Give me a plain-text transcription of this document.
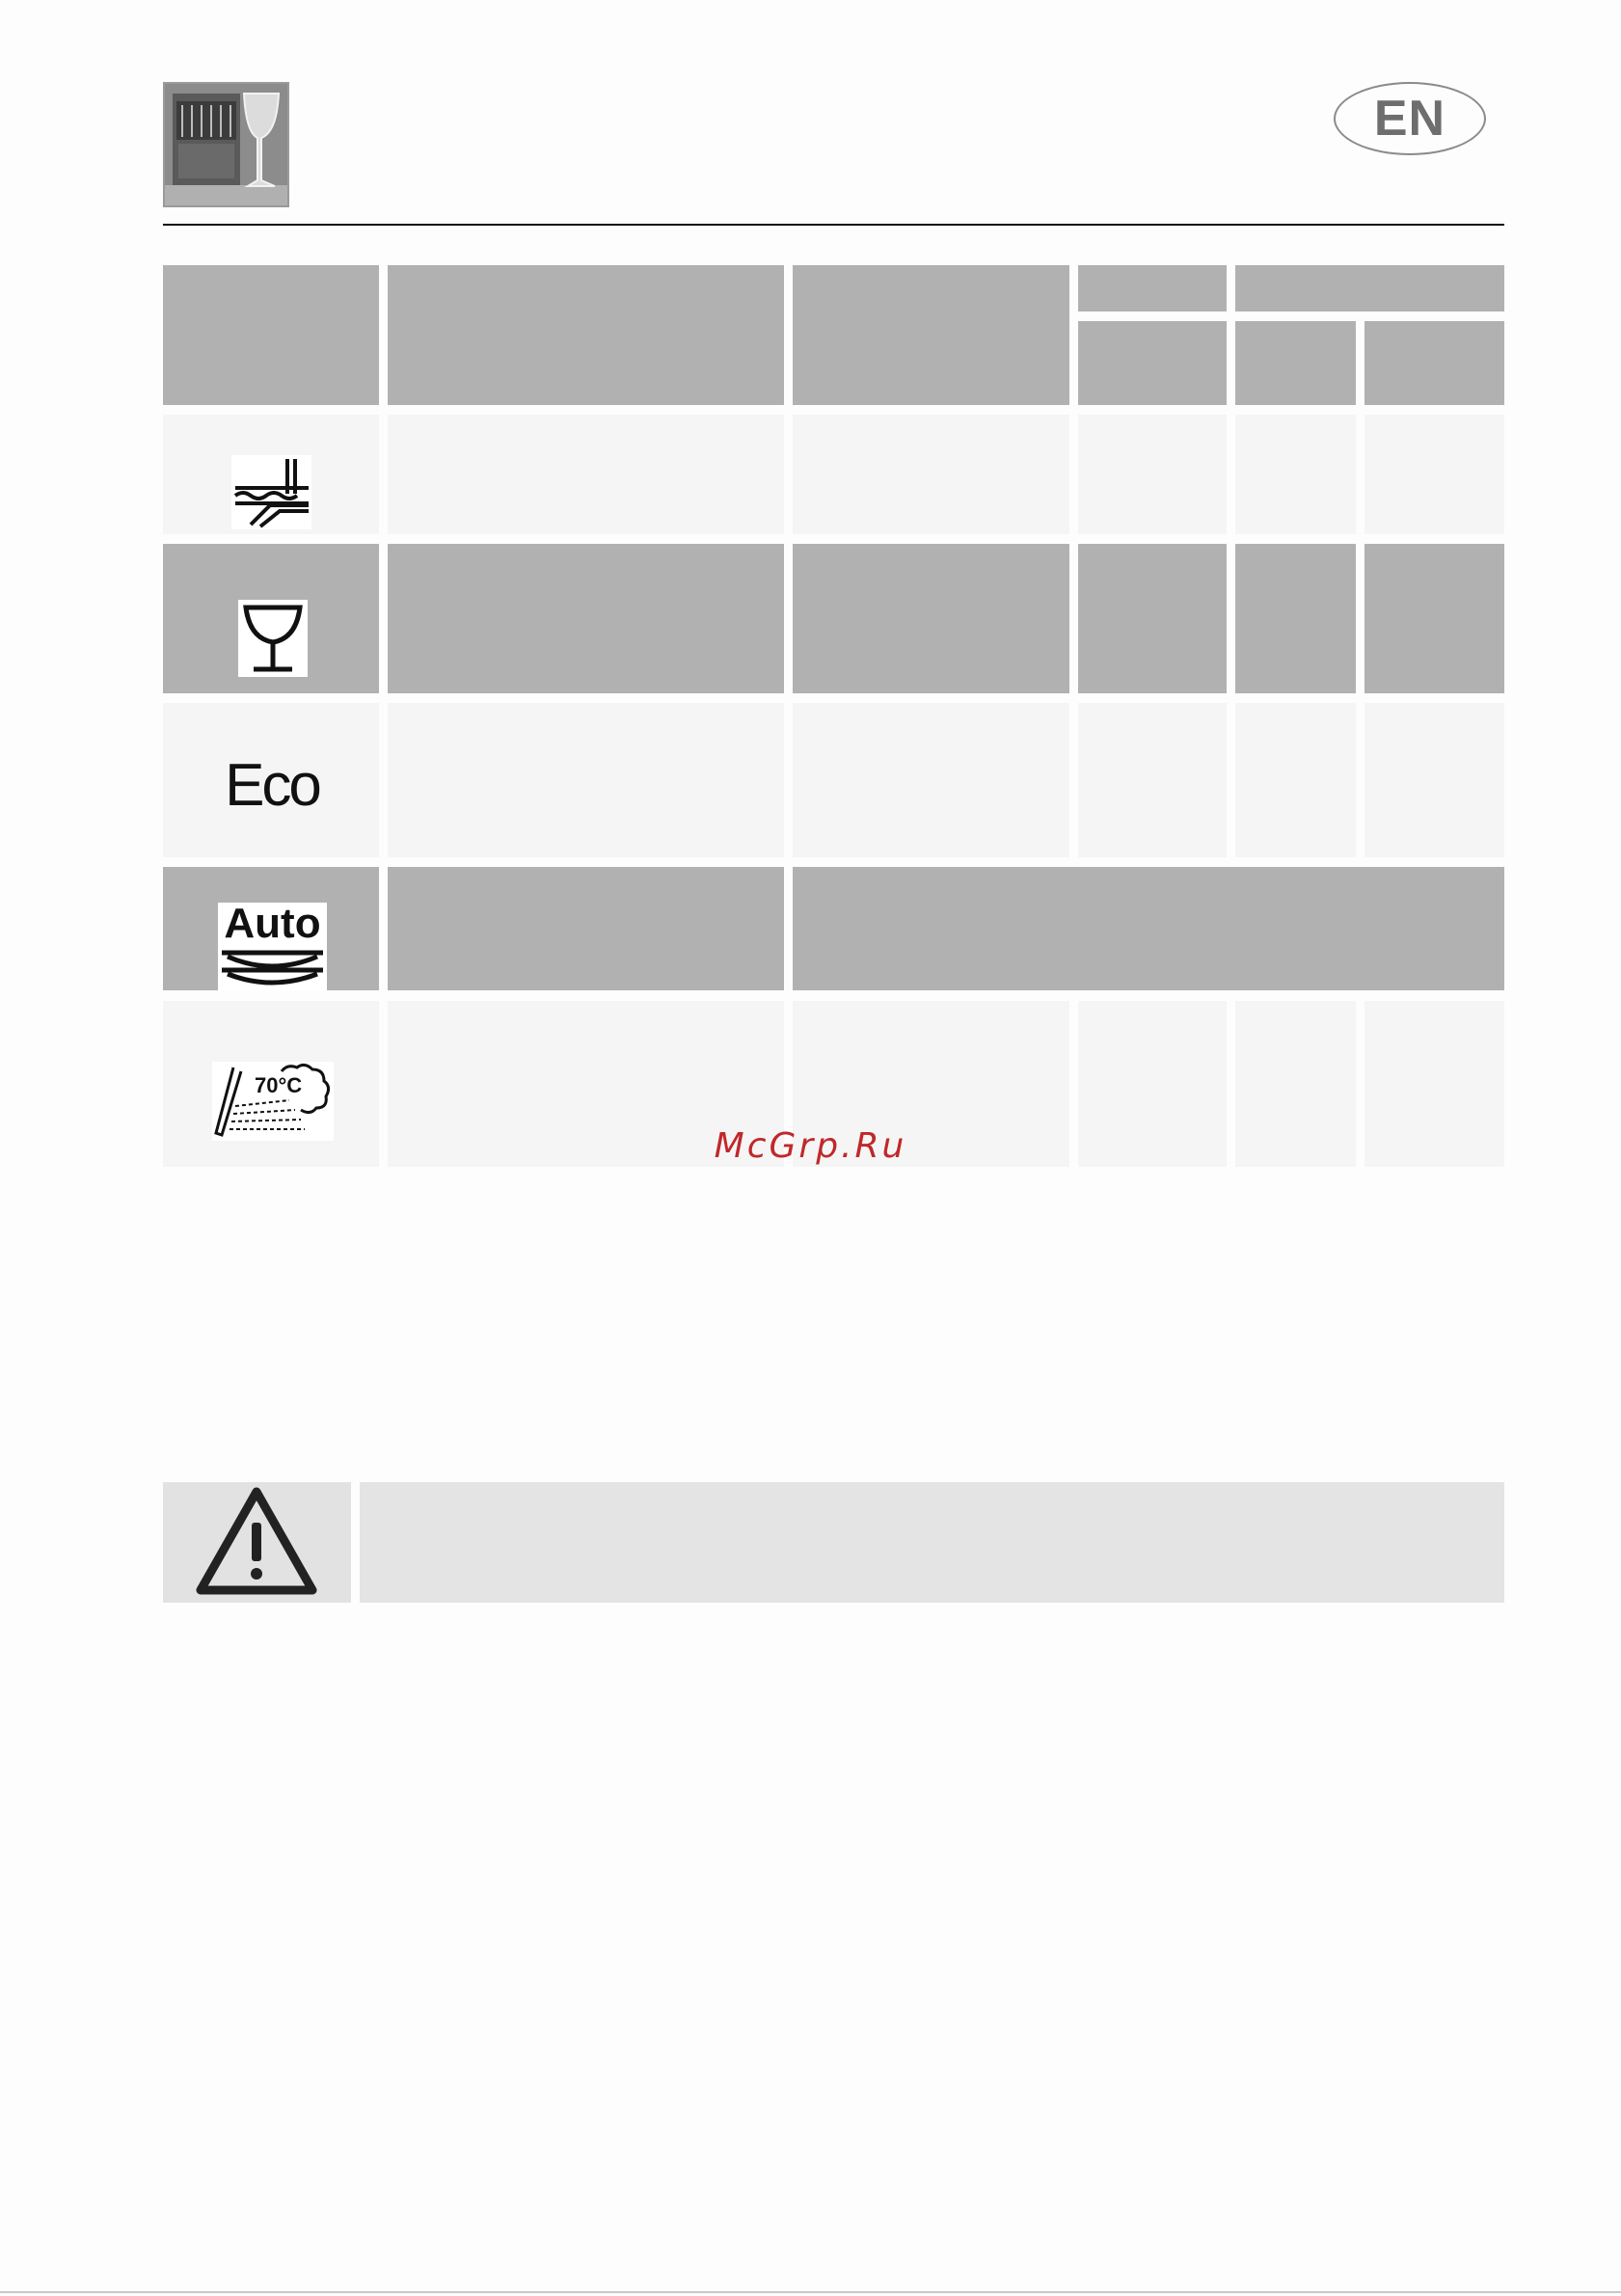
EN
Eco
Auto
70°C
McGrp.Ru
